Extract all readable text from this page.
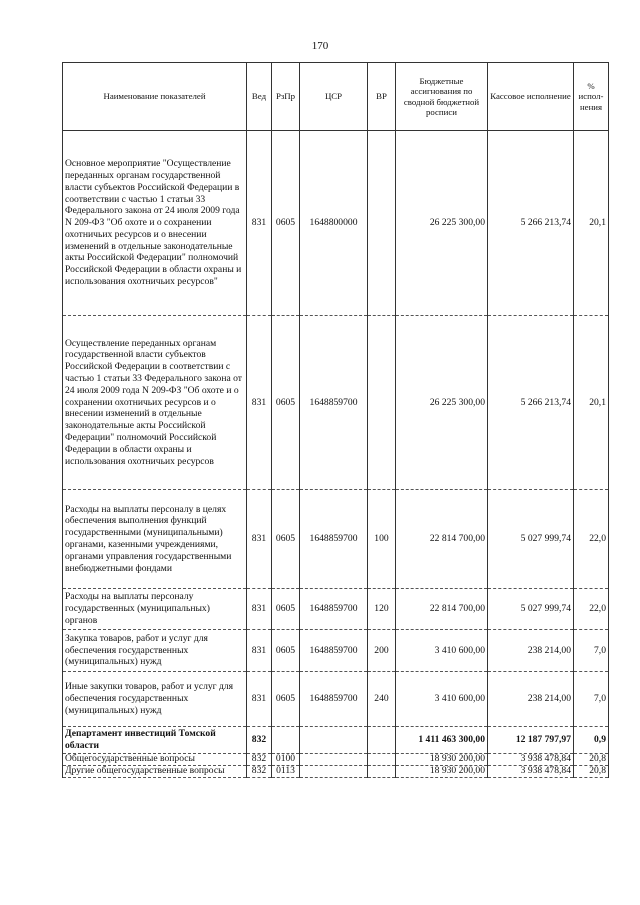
170
Наименование показателей	Вед	РзПр	ЦСР	ВР	Бюджетные ассигнования по сводной бюджетной росписи	Кассовое исполнение	% испол-нения
Основное мероприятие "Осуществление переданных органам государственной власти субъектов Российской Федерации в соответствии с частью 1 статьи 33 Федерального закона от 24 июля 2009 года N 209-ФЗ "Об охоте и о сохранении охотничьих ресурсов и о внесении изменений в отдельные законодательные акты Российской Федерации" полномочий Российской Федерации в области охраны и использования охотничьих ресурсов"	831	0605	1648800000		26 225 300,00	5 266 213,74	20,1
Осуществление переданных органам государственной власти субъектов Российской Федерации в соответствии с частью 1 статьи 33 Федерального закона от 24 июля 2009 года N 209-ФЗ "Об охоте и о сохранении охотничьих ресурсов и о внесении изменений в отдельные законодательные акты Российской Федерации" полномочий Российской Федерации в области охраны и использования охотничьих ресурсов	831	0605	1648859700		26 225 300,00	5 266 213,74	20,1
Расходы на выплаты персоналу в целях обеспечения выполнения функций государственными (муниципальными) органами, казенными учреждениями, органами управления государственными внебюджетными фондами	831	0605	1648859700	100	22 814 700,00	5 027 999,74	22,0
Расходы на выплаты персоналу государственных (муниципальных) органов	831	0605	1648859700	120	22 814 700,00	5 027 999,74	22,0
Закупка товаров, работ и услуг для обеспечения государственных (муниципальных) нужд	831	0605	1648859700	200	3 410 600,00	238 214,00	7,0
Иные закупки товаров, работ и услуг для обеспечения государственных (муниципальных) нужд	831	0605	1648859700	240	3 410 600,00	238 214,00	7,0
Департамент инвестиций Томской области	832				1 411 463 300,00	12 187 797,97	0,9
Общегосударственные вопросы	832	0100			18 930 200,00	3 938 478,84	20,8
Другие общегосударственные вопросы	832	0113			18 930 200,00	3 938 478,84	20,8
